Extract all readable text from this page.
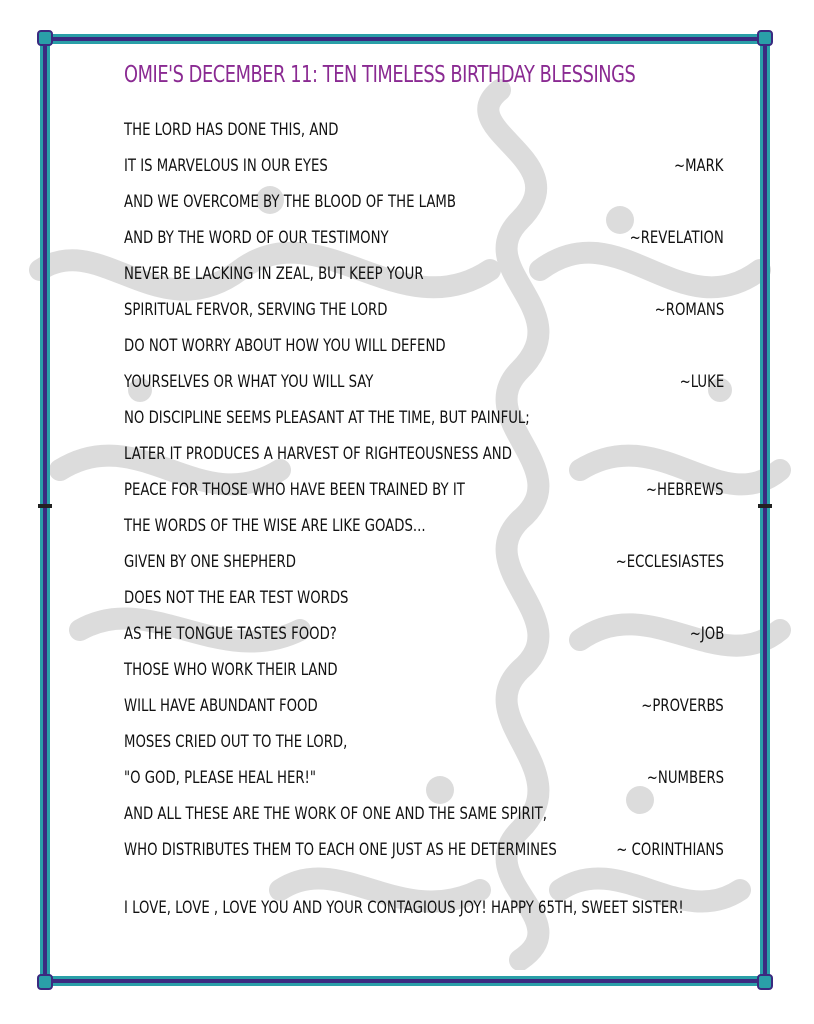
OMIE'S DECEMBER 11: TEN TIMELESS BIRTHDAY BLESSINGS
THE LORD HAS DONE THIS, AND
IT IS MARVELOUS IN OUR EYES	~MARK
AND WE OVERCOME BY THE BLOOD OF THE LAMB
AND BY THE WORD OF OUR TESTIMONY	~REVELATION
NEVER BE LACKING IN ZEAL, BUT KEEP YOUR
SPIRITUAL FERVOR, SERVING THE LORD	~ROMANS
DO NOT WORRY ABOUT HOW YOU WILL DEFEND
YOURSELVES OR WHAT YOU WILL SAY	~LUKE
NO DISCIPLINE SEEMS PLEASANT AT THE TIME, BUT PAINFUL;
LATER IT PRODUCES A HARVEST OF RIGHTEOUSNESS AND
PEACE FOR THOSE WHO HAVE BEEN TRAINED BY IT	~HEBREWS
THE WORDS OF THE WISE ARE LIKE GOADS...
GIVEN BY ONE SHEPHERD	~ECCLESIASTES
DOES NOT THE EAR TEST WORDS
AS THE TONGUE TASTES FOOD?	~JOB
THOSE WHO WORK THEIR LAND
WILL HAVE ABUNDANT FOOD	~PROVERBS
MOSES CRIED OUT TO THE LORD,
"O GOD, PLEASE HEAL HER!"	~NUMBERS
AND ALL THESE ARE THE WORK OF ONE AND THE SAME SPIRIT,
WHO DISTRIBUTES THEM TO EACH ONE JUST AS HE DETERMINES	~ CORINTHIANS
I LOVE, LOVE , LOVE YOU AND YOUR CONTAGIOUS JOY! HAPPY 65TH, SWEET SISTER!
